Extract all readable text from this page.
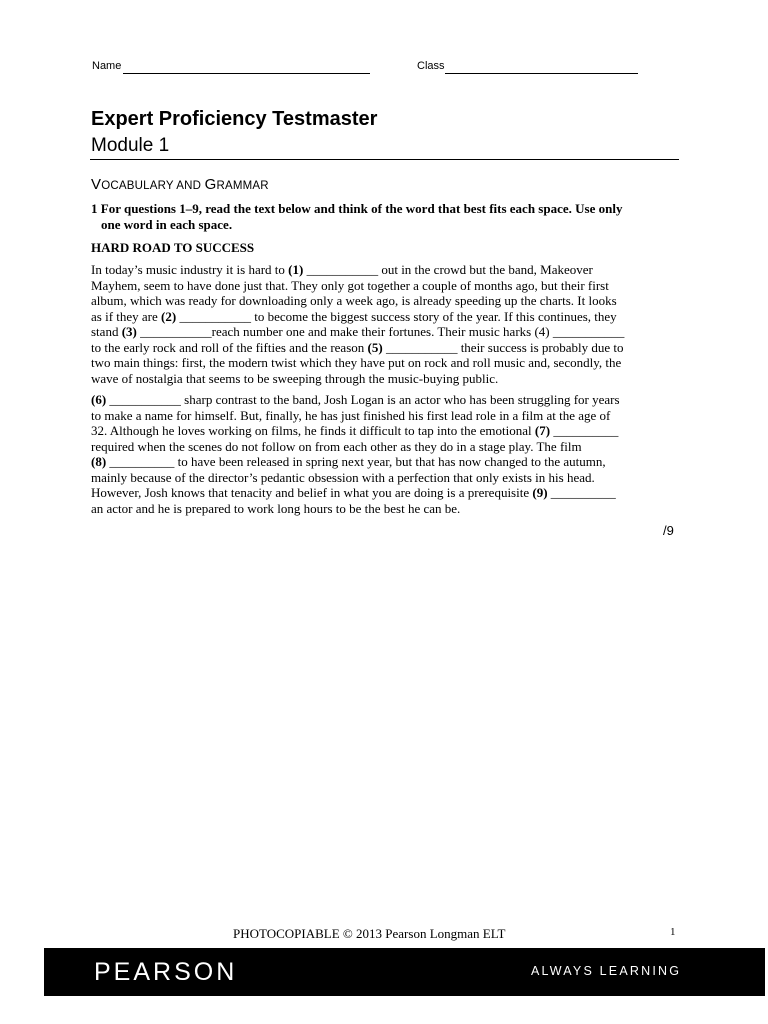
Name	Class
Expert Proficiency Testmaster
Module 1
VOCABULARY AND GRAMMAR
1 For questions 1–9, read the text below and think of the word that best fits each space. Use only
one word in each space.
HARD ROAD TO SUCCESS
In today’s music industry it is hard to (1) ___________ out in the crowd but the band, Makeover
Mayhem, seem to have done just that. They only got together a couple of months ago, but their first
album, which was ready for downloading only a week ago, is already speeding up the charts. It looks
as if they are (2) ___________ to become the biggest success story of the year. If this continues, they
stand (3) ___________reach number one and make their fortunes. Their music harks (4) ___________
to the early rock and roll of the fifties and the reason (5) ___________ their success is probably due to
two main things: first, the modern twist which they have put on rock and roll music and, secondly, the
wave of nostalgia that seems to be sweeping through the music-buying public.
(6) ___________ sharp contrast to the band, Josh Logan is an actor who has been struggling for years
to make a name for himself. But, finally, he has just finished his first lead role in a film at the age of
32. Although he loves working on films, he finds it difficult to tap into the emotional (7) __________
required when the scenes do not follow on from each other as they do in a stage play. The film
(8) __________ to have been released in spring next year, but that has now changed to the autumn,
mainly because of the director’s pedantic obsession with a perfection that only exists in his head.
However, Josh knows that tenacity and belief in what you are doing is a prerequisite (9) __________
an actor and he is prepared to work long hours to be the best he can be.
/9
PHOTOCOPIABLE © 2013 Pearson Longman ELT	1
PEARSON	ALWAYS LEARNING
